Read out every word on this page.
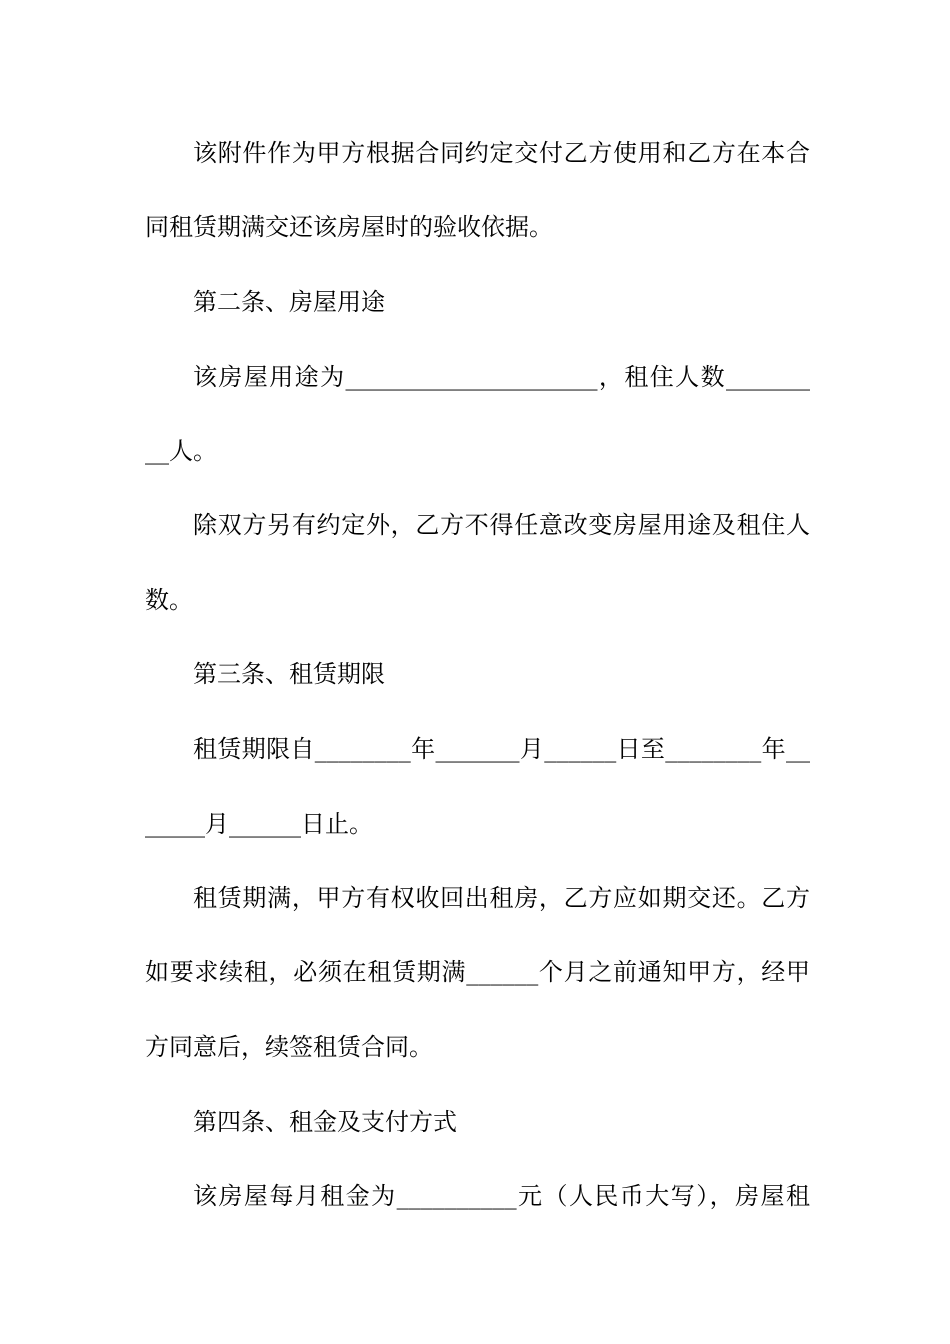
该附件作为甲方根据合同约定交付乙方使用和乙方在本合
同租赁期满交还该房屋时的验收依据。
第二条、房屋用途
该房屋用途为_____________________，租住人数_______
__人。
除双方另有约定外，乙方不得任意改变房屋用途及租住人
数。
第三条、租赁期限
租赁期限自________年_______月______日至________年__
_____月______日止。
租赁期满，甲方有权收回出租房，乙方应如期交还。乙方
如要求续租，必须在租赁期满______个月之前通知甲方，经甲
方同意后，续签租赁合同。
第四条、租金及支付方式
该房屋每月租金为__________元（人民币大写），房屋租
